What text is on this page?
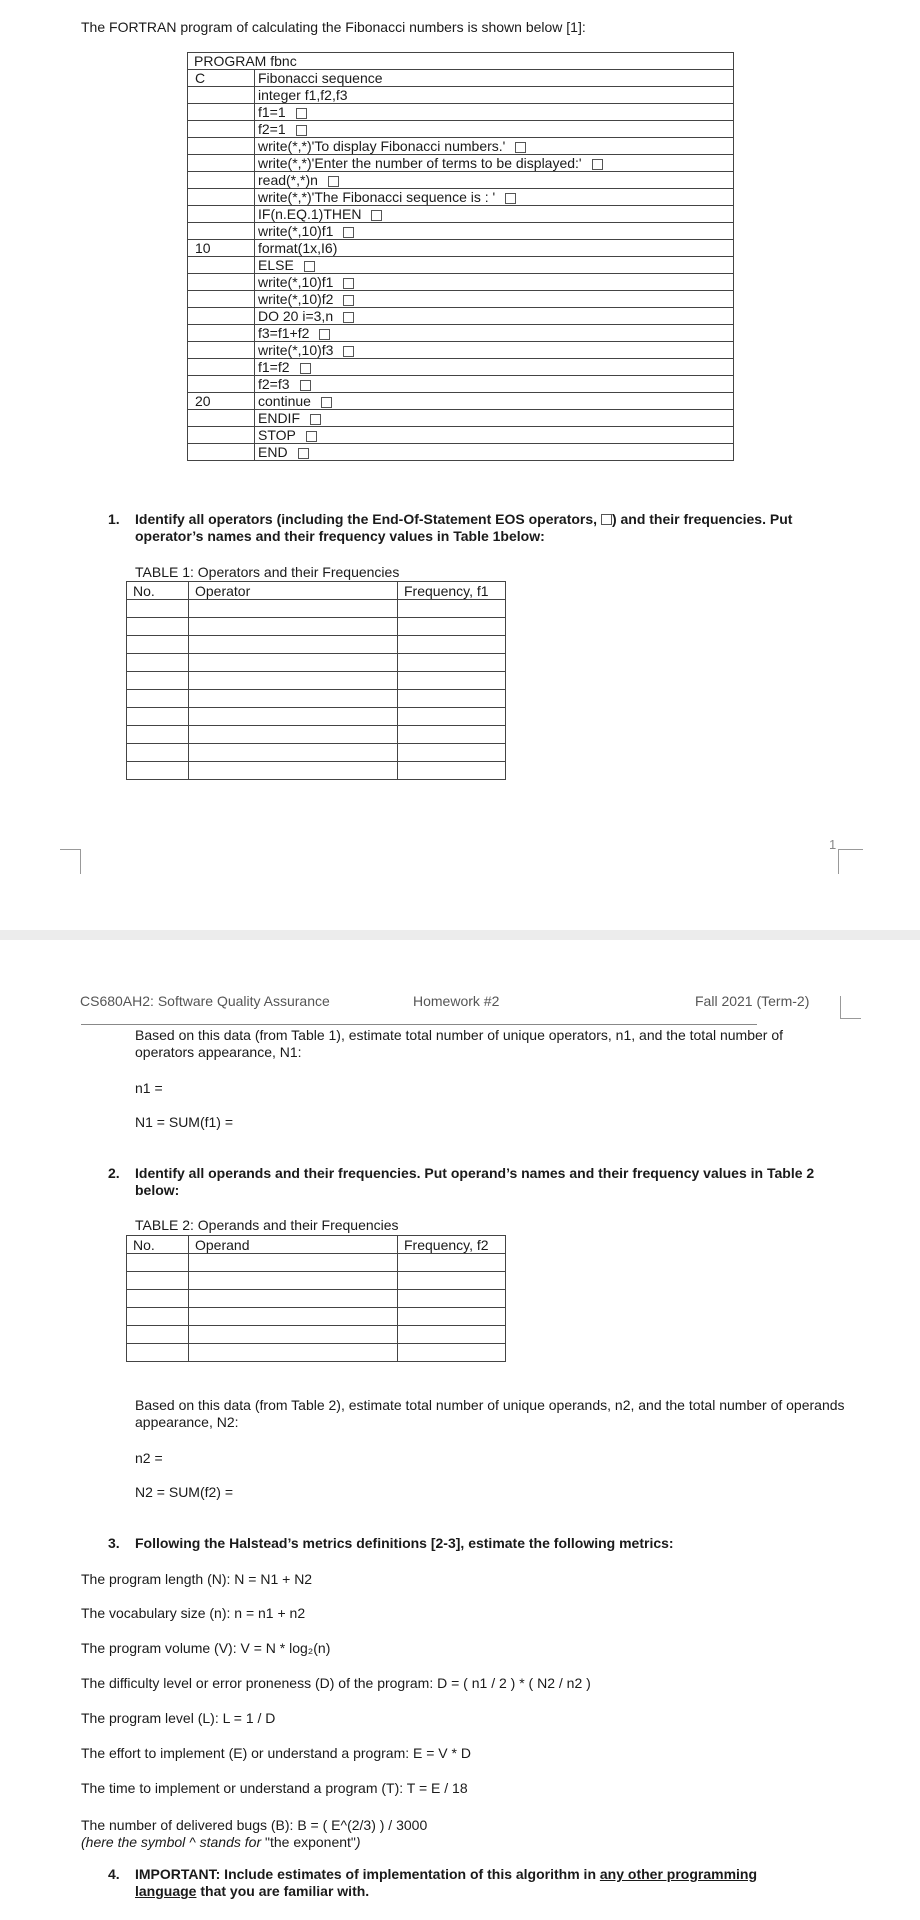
The FORTRAN program of calculating the Fibonacci numbers is shown below [1]:
PROGRAM fbnc	
C	Fibonacci sequence
	integer f1,f2,f3
	f1=1
	f2=1
	write(*,*)'To display Fibonacci numbers.'
	write(*,*)'Enter the number of terms to be displayed:'
	read(*,*)n
	write(*,*)'The Fibonacci sequence is : '
	IF(n.EQ.1)THEN
	write(*,10)f1
10	format(1x,I6)
	ELSE
	write(*,10)f1
	write(*,10)f2
	DO 20 i=3,n
	f3=f1+f2
	write(*,10)f3
	f1=f2
	f2=f3
20	continue
	ENDIF
	STOP
	END
1. Identify all operators (including the End-Of-Statement EOS operators, ) and their frequencies. Put operator’s names and their frequency values in Table 1below:
TABLE 1: Operators and their Frequencies
No.	Operator	Frequency, f1

1
CS680AH2: Software Quality Assurance	Homework #2	Fall 2021 (Term-2)
Based on this data (from Table 1), estimate total number of unique operators, n1, and the total number of operators appearance, N1:
n1 =
N1 = SUM(f1) =
2. Identify all operands and their frequencies. Put operand’s names and their frequency values in Table 2 below:
TABLE 2: Operands and their Frequencies
No.	Operand	Frequency, f2

Based on this data (from Table 2), estimate total number of unique operands, n2, and the total number of operands appearance, N2:
n2 =
N2 = SUM(f2) =
3. Following the Halstead’s metrics definitions [2-3], estimate the following metrics:
The program length (N): N = N1 + N2
The vocabulary size (n): n = n1 + n2
The program volume (V): V = N * log₂(n)
The difficulty level or error proneness (D) of the program: D = ( n1 / 2 ) * ( N2 / n2 )
The program level (L): L = 1 / D
The effort to implement (E) or understand a program: E = V * D
The time to implement or understand a program (T): T = E / 18
The number of delivered bugs (B): B = ( E^(2/3) ) / 3000
(here the symbol ^ stands for "the exponent")
4. IMPORTANT: Include estimates of implementation of this algorithm in any other programming language that you are familiar with.
